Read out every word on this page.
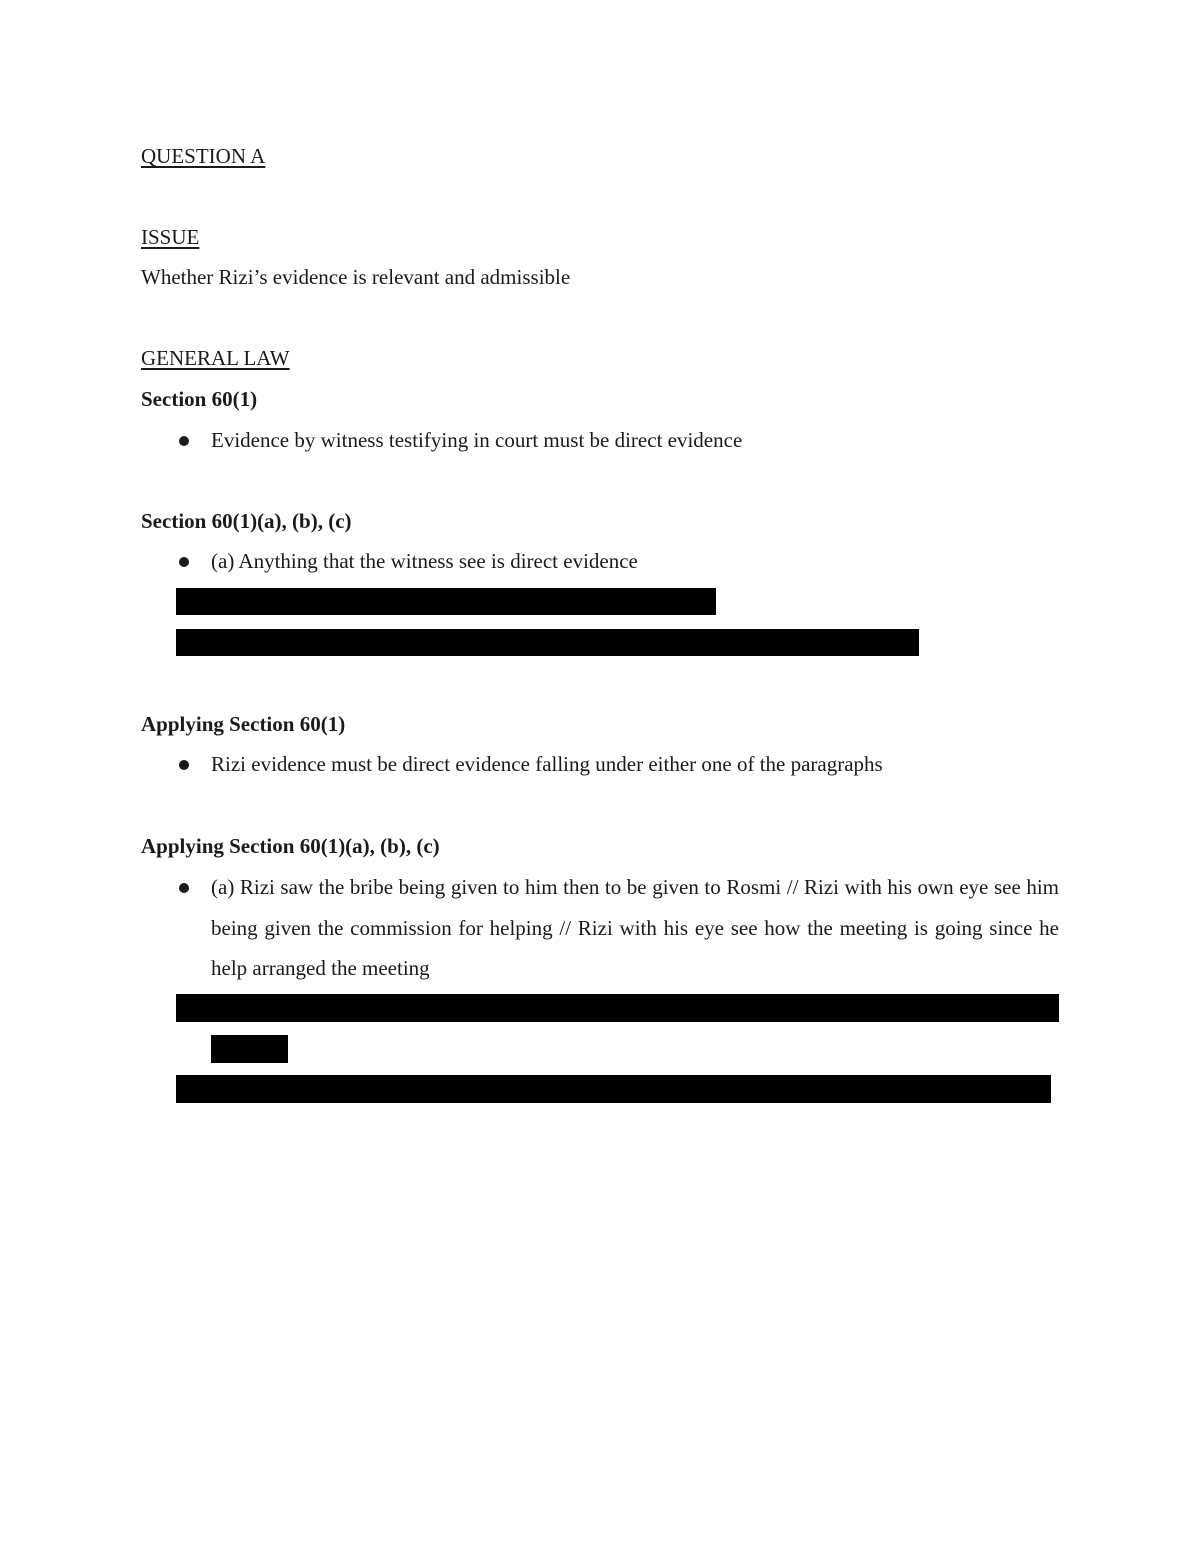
QUESTION A
ISSUE
Whether Rizi’s evidence is relevant and admissible
GENERAL LAW
Section 60(1)
Evidence by witness testifying in court must be direct evidence
Section 60(1)(a), (b), (c)
(a) Anything that the witness see is direct evidence
Applying Section 60(1)
Rizi evidence must be direct evidence falling under either one of the paragraphs
Applying Section 60(1)(a), (b), (c)
(a) Rizi saw the bribe being given to him then to be given to Rosmi // Rizi with his own eye see him being given the commission for helping // Rizi with his eye see how the meeting is going since he help arranged the meeting
